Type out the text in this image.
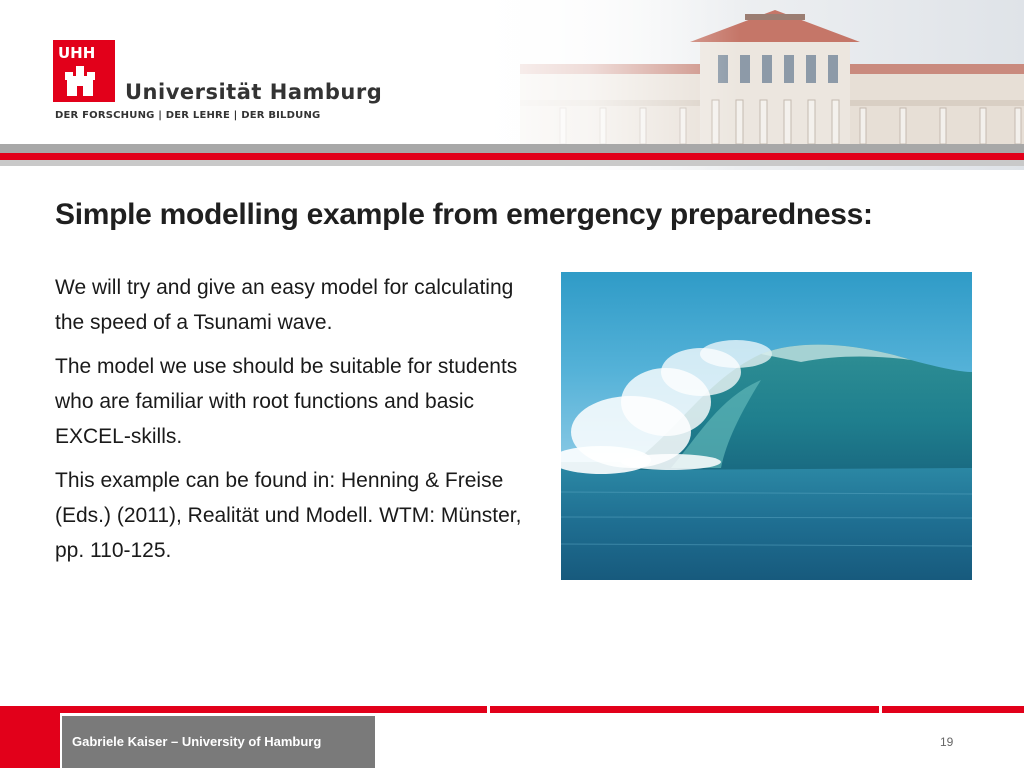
UHH
Universität Hamburg
DER FORSCHUNG | DER LEHRE | DER BILDUNG
Simple modelling example from emergency preparedness:

We will try and give an easy model for calculating the speed of a Tsunami wave.

The model we use should be suitable for students who are familiar with root functions and basic EXCEL-skills.

This example can be found in: Henning & Freise (Eds.) (2011), Realität und Modell. WTM: Münster, pp. 110-125.

Gabriele Kaiser – University of Hamburg	19
